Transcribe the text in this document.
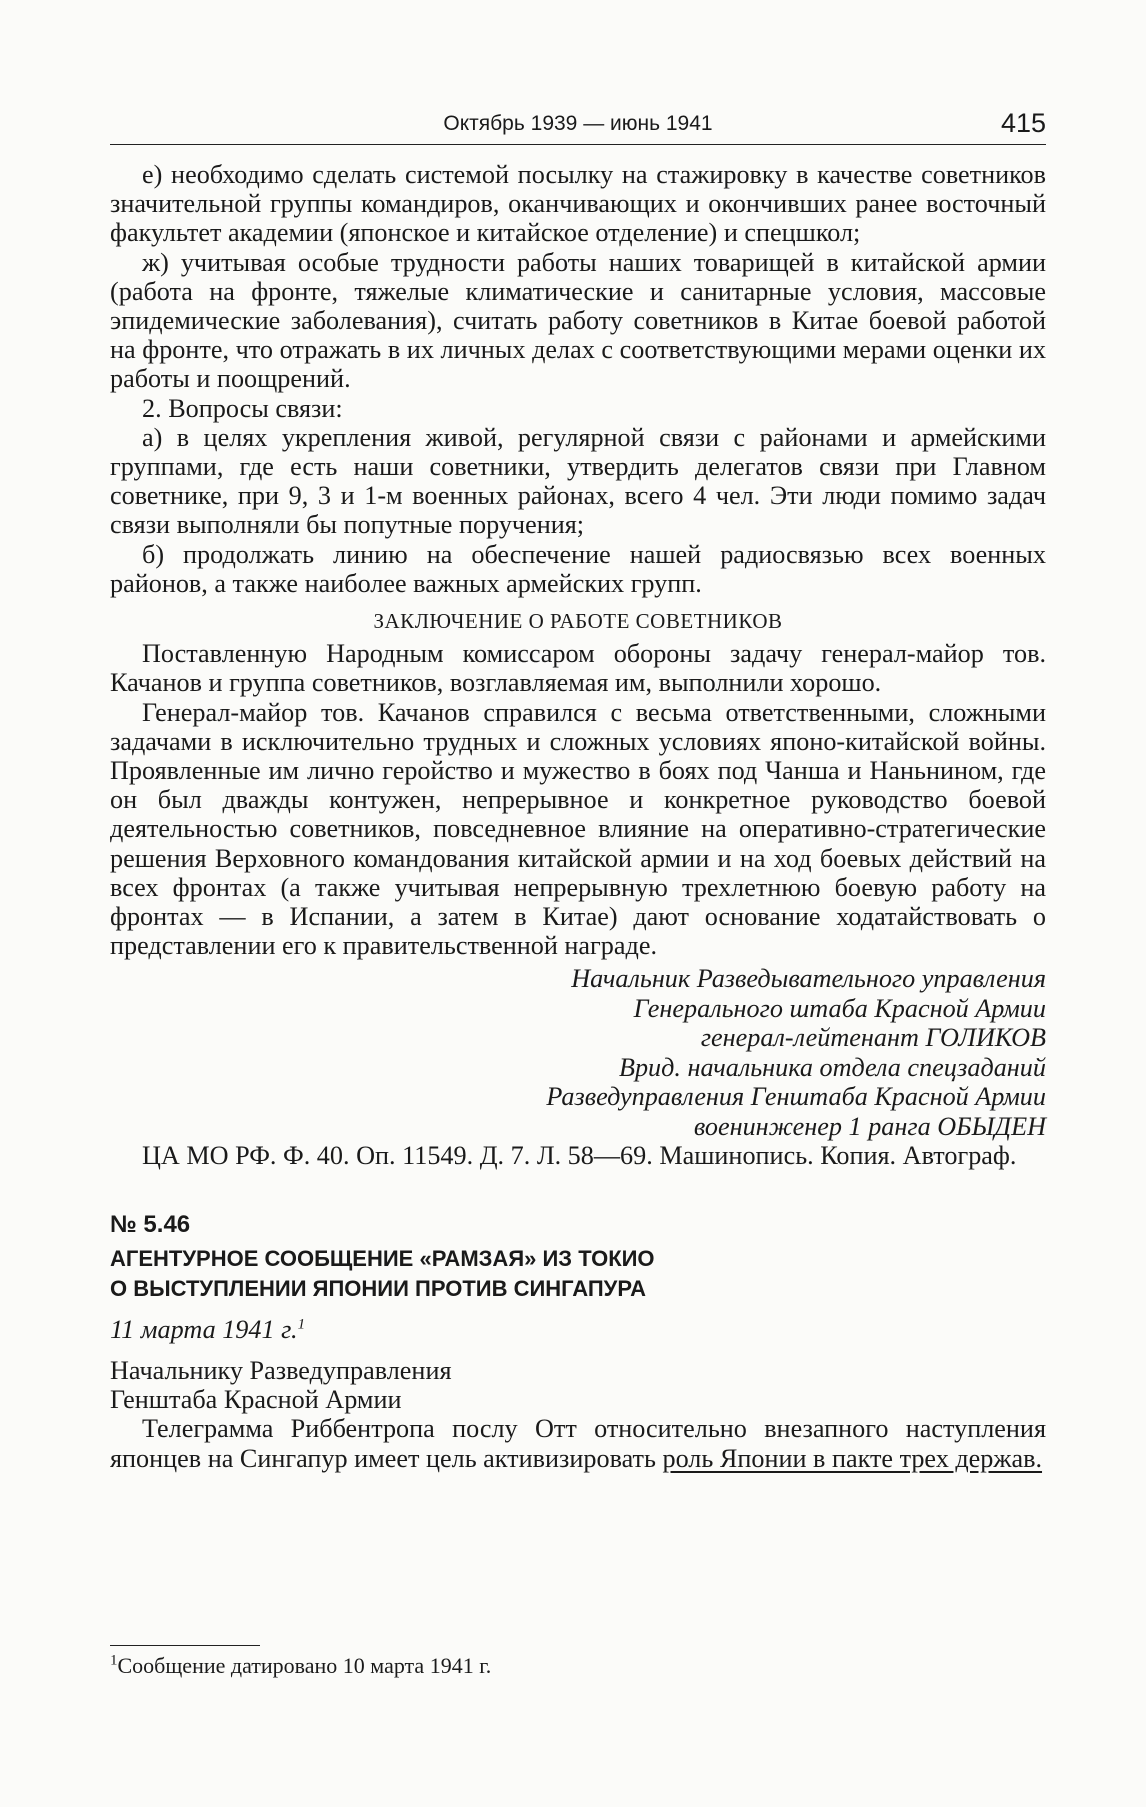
Октябрь 1939 — июнь 1941	415

е) необходимо сделать системой посылку на стажировку в качестве советников значительной группы командиров, оканчивающих и окончивших ранее восточный факультет академии (японское и китайское отделение) и спецшкол;

ж) учитывая особые трудности работы наших товарищей в китайской армии (работа на фронте, тяжелые климатические и санитарные условия, массовые эпидемические заболевания), считать работу советников в Китае боевой работой на фронте, что отражать в их личных делах с соответствующими мерами оценки их работы и поощрений.

2. Вопросы связи:

а) в целях укрепления живой, регулярной связи с районами и армейскими группами, где есть наши советники, утвердить делегатов связи при Главном советнике, при 9, 3 и 1-м военных районах, всего 4 чел. Эти люди помимо задач связи выполняли бы попутные поручения;

б) продолжать линию на обеспечение нашей радиосвязью всех военных районов, а также наиболее важных армейских групп.

ЗАКЛЮЧЕНИЕ О РАБОТЕ СОВЕТНИКОВ

Поставленную Народным комиссаром обороны задачу генерал-майор тов. Качанов и группа советников, возглавляемая им, выполнили хорошо.

Генерал-майор тов. Качанов справился с весьма ответственными, сложными задачами в исключительно трудных и сложных условиях японо-китайской войны. Проявленные им лично геройство и мужество в боях под Чанша и Наньнином, где он был дважды контужен, непрерывное и конкретное руководство боевой деятельностью советников, повседневное влияние на оперативно-стратегические решения Верховного командования китайской армии и на ход боевых действий на всех фронтах (а также учитывая непрерывную трехлетнюю боевую работу на фронтах — в Испании, а затем в Китае) дают основание ходатайствовать о представлении его к правительственной награде.

Начальник Разведывательного управления
Генерального штаба Красной Армии
генерал-лейтенант ГОЛИКОВ
Врид. начальника отдела спецзаданий
Разведуправления Генштаба Красной Армии
военинженер 1 ранга ОБЫДЕН

ЦА МО РФ. Ф. 40. Оп. 11549. Д. 7. Л. 58—69. Машинопись. Копия. Автограф.

№ 5.46
АГЕНТУРНОЕ СООБЩЕНИЕ «РАМЗАЯ» ИЗ ТОКИО
О ВЫСТУПЛЕНИИ ЯПОНИИ ПРОТИВ СИНГАПУРА
11 марта 1941 г.$^1$
Начальнику Разведуправления
Генштаба Красной Армии

Телеграмма Риббентропа послу Отт относительно внезапного наступления японцев на Сингапур имеет цель активизировать роль Японии в пакте трех держав.

$^1$Сообщение датировано 10 марта 1941 г.
